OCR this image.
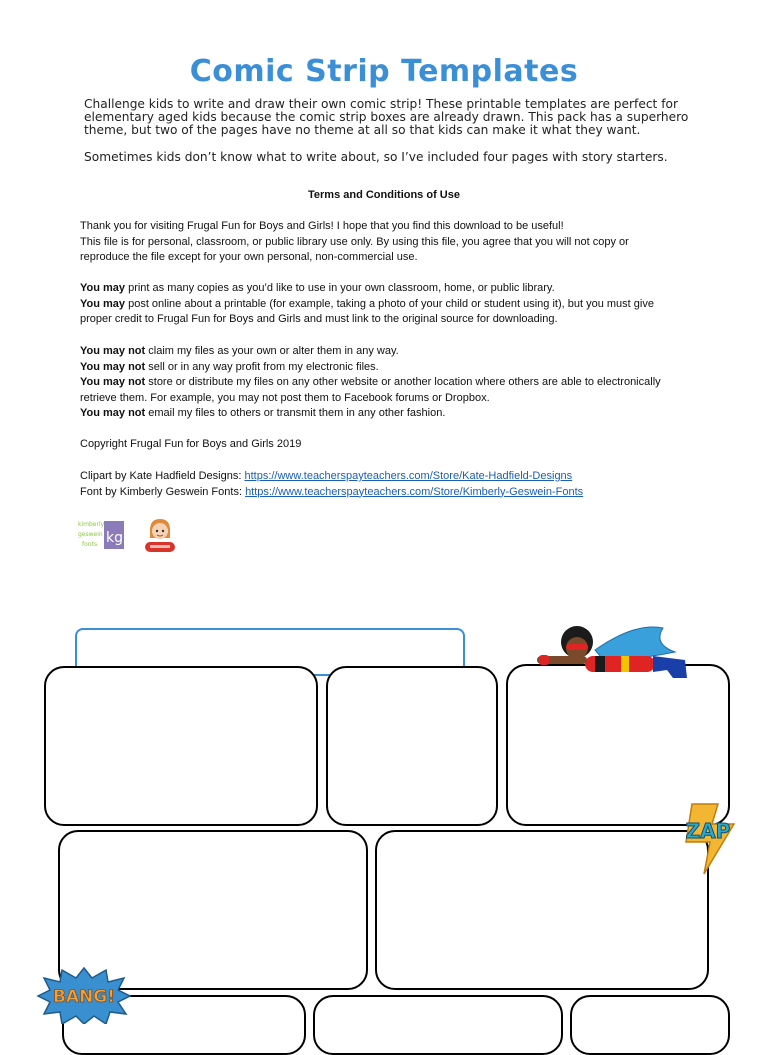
Comic Strip Templates

Challenge kids to write and draw their own comic strip! These printable templates are perfect for

elementary aged kids because the comic strip boxes are already drawn. This pack has a superhero

theme, but two of the pages have no theme at all so that kids can make it what they want.

Sometimes kids don’t know what to write about, so I’ve included four pages with story starters.

Terms and Conditions of Use

Thank you for visiting Frugal Fun for Boys and Girls! I hope that you find this download to be useful!

This file is for personal, classroom, or public library use only. By using this file, you agree that you will not copy or

reproduce the file except for your own personal, non-commercial use.

You may print as many copies as you’d like to use in your own classroom, home, or public library.

You may post online about a printable (for example, taking a photo of your child or student using it), but you must give

proper credit to Frugal Fun for Boys and Girls and must link to the original source for downloading.

You may not claim my files as your own or alter them in any way.

You may not sell or in any way profit from my electronic files.

You may not store or distribute my files on any other website or another location where others are able to electronically

retrieve them. For example, you may not post them to Facebook forums or Dropbox.

You may not email my files to others or transmit them in any other fashion.

Copyright Frugal Fun for Boys and Girls 2019

Clipart by Kate Hadfield Designs: https://www.teacherspayteachers.com/Store/Kate-Hadfield-Designs

Font by Kimberly Geswein Fonts: https://www.teacherspayteachers.com/Store/Kimberly-Geswein-Fonts

kimberly
geswein
fonts kg
ZAP
BANG!
